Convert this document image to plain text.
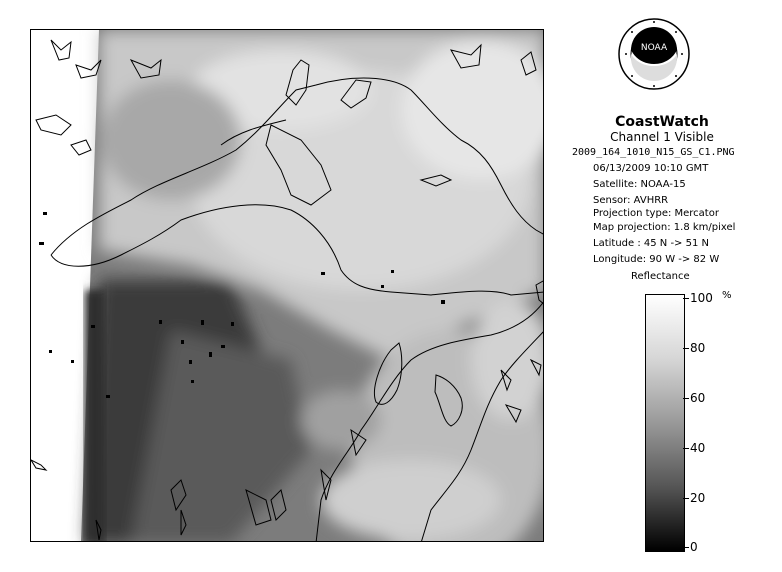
NOAA
CoastWatch
Channel 1 Visible
2009_164_1010_N15_GS_C1.PNG
06/13/2009 10:10 GMT
Satellite: NOAA-15
Sensor: AVHRR
Projection type: Mercator
Map projection: 1.8 km/pixel
Latitude : 45 N -> 51 N
Longitude: 90 W -> 82 W
Reflectance
%
100
80
60
40
20
0
